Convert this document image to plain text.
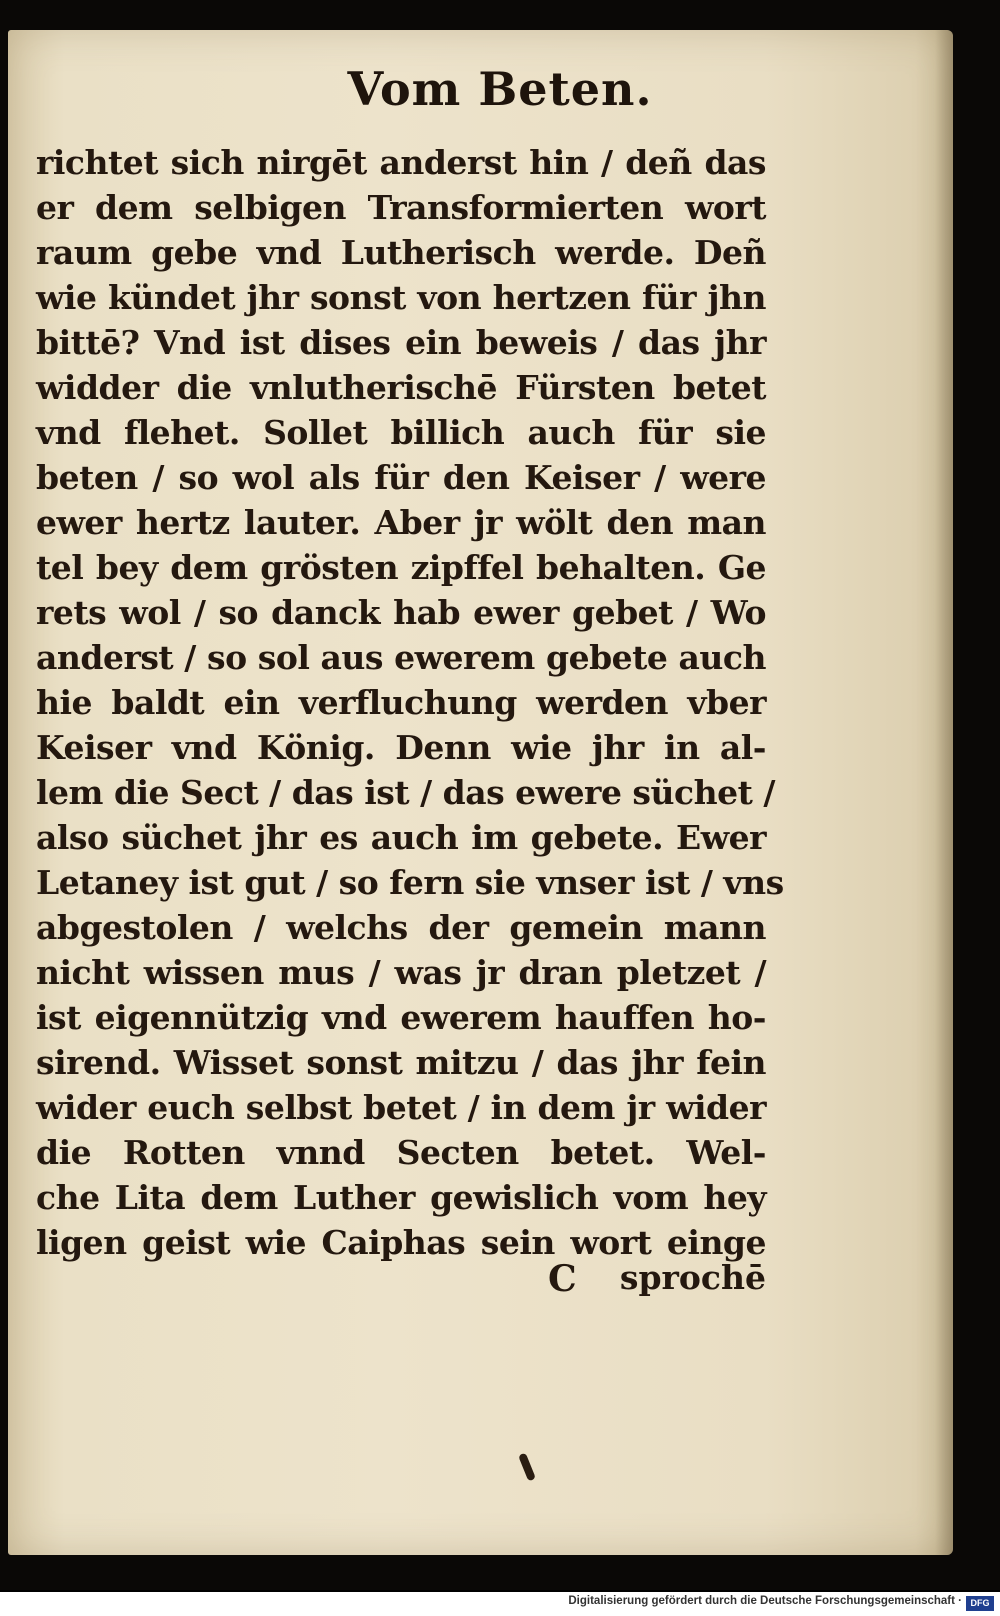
Vom Beten.
richtet sich nirgēt anderst hin / deñ das
er dem selbigen Transformierten wort
raum gebe vnd Lutherisch werde. Deñ
wie kündet jhr sonst von hertzen für jhn
bittē? Vnd ist dises ein beweis / das jhr
widder die vnlutherischē Fürsten betet
vnd flehet. Sollet billich auch für sie
beten / so wol als für den Keiser / were
ewer hertz lauter. Aber jr wölt den man
tel bey dem grösten zipffel behalten. Ge
rets wol / so danck hab ewer gebet / Wo
anderst / so sol aus ewerem gebete auch
hie baldt ein verfluchung werden vber
Keiser vnd König. Denn wie jhr in al-
lem die Sect / das ist / das ewere süchet /
also süchet jhr es auch im gebete. Ewer
Letaney ist gut / so fern sie vnser ist / vns
abgestolen / welchs der gemein mann
nicht wissen mus / was jr dran pletzet /
ist eigennützig vnd ewerem hauffen ho-
sirend. Wisset sonst mitzu / das jhr fein
wider euch selbst betet / in dem jr wider
die Rotten vnnd Secten betet. Wel-
che Lita dem Luther gewislich vom hey
ligen geist wie Caiphas sein wort einge
C sprochē
Digitalisierung gefördert durch die Deutsche Forschungsgemeinschaft · DFG
